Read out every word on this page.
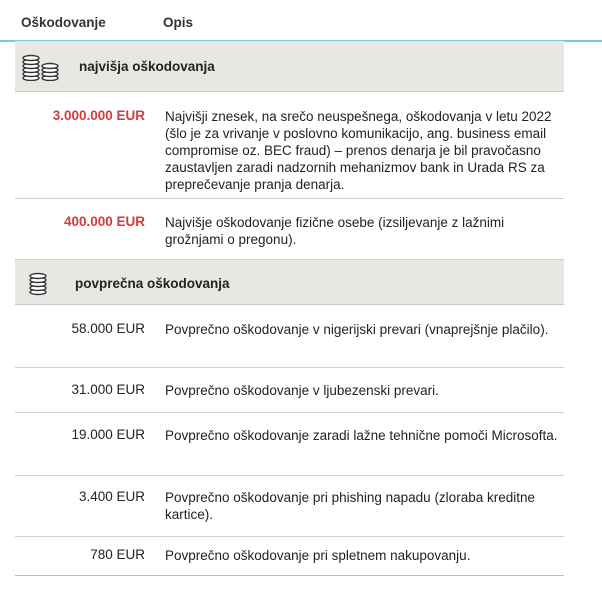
Oškodovanje	Opis
najvišja oškodovanja
3.000.000 EUR Najvišji znesek, na srečo neuspešnega, oškodovanja v letu 2022 (šlo je za vrivanje v poslovno komunikacijo, ang. business email compromise oz. BEC fraud) – prenos denarja je bil pravočasno zaustavljen zaradi nadzornih mehanizmov bank in Urada RS za preprečevanje pranja denarja.
400.000 EUR Najvišje oškodovanje fizične osebe (izsiljevanje z lažnimi grožnjami o pregonu).
povprečna oškodovanja
58.000 EUR Povprečno oškodovanje v nigerijski prevari (vnaprejšnje plačilo).
31.000 EUR Povprečno oškodovanje v ljubezenski prevari.
19.000 EUR Povprečno oškodovanje zaradi lažne tehnične pomoči Microsofta.
3.400 EUR Povprečno oškodovanje pri phishing napadu (zloraba kreditne kartice).
780 EUR Povprečno oškodovanje pri spletnem nakupovanju.
